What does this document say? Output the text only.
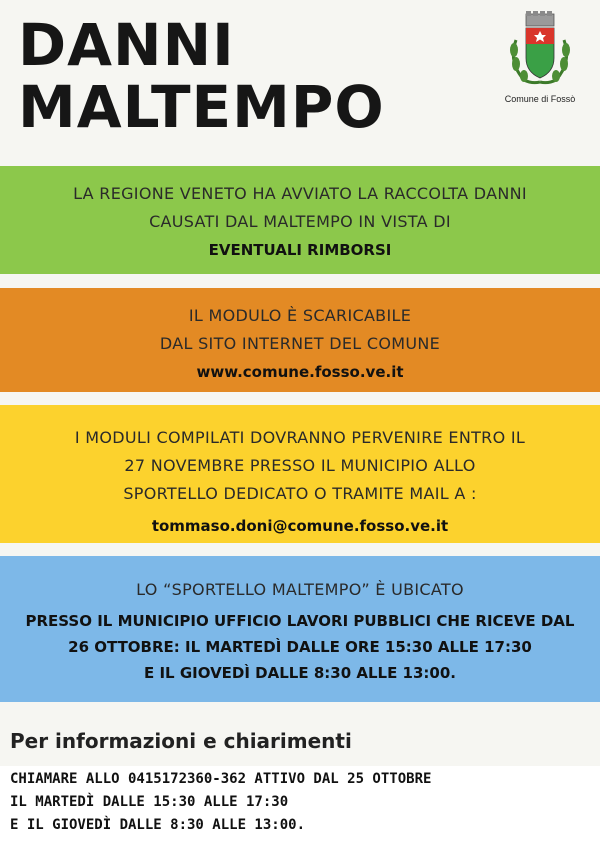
DANNI
MALTEMPO	Comune di Fossò
LA REGIONE VENETO HA AVVIATO LA RACCOLTA DANNI
CAUSATI DAL MALTEMPO IN VISTA DI
EVENTUALI RIMBORSI
IL MODULO È SCARICABILE
DAL SITO INTERNET DEL COMUNE
www.comune.fosso.ve.it
I MODULI COMPILATI DOVRANNO PERVENIRE ENTRO IL
27 NOVEMBRE PRESSO IL MUNICIPIO ALLO
SPORTELLO DEDICATO O TRAMITE MAIL A :
tommaso.doni@comune.fosso.ve.it
LO “SPORTELLO MALTEMPO” È UBICATO
PRESSO IL MUNICIPIO UFFICIO LAVORI PUBBLICI CHE RICEVE DAL
26 OTTOBRE: IL MARTEDÌ DALLE ORE 15:30 ALLE 17:30
E IL GIOVEDÌ DALLE 8:30 ALLE 13:00.
Per informazioni e chiarimenti
CHIAMARE ALLO 0415172360-362 ATTIVO DAL 25 OTTOBRE
IL MARTEDÌ DALLE 15:30 ALLE 17:30
E IL GIOVEDÌ DALLE 8:30 ALLE 13:00.
